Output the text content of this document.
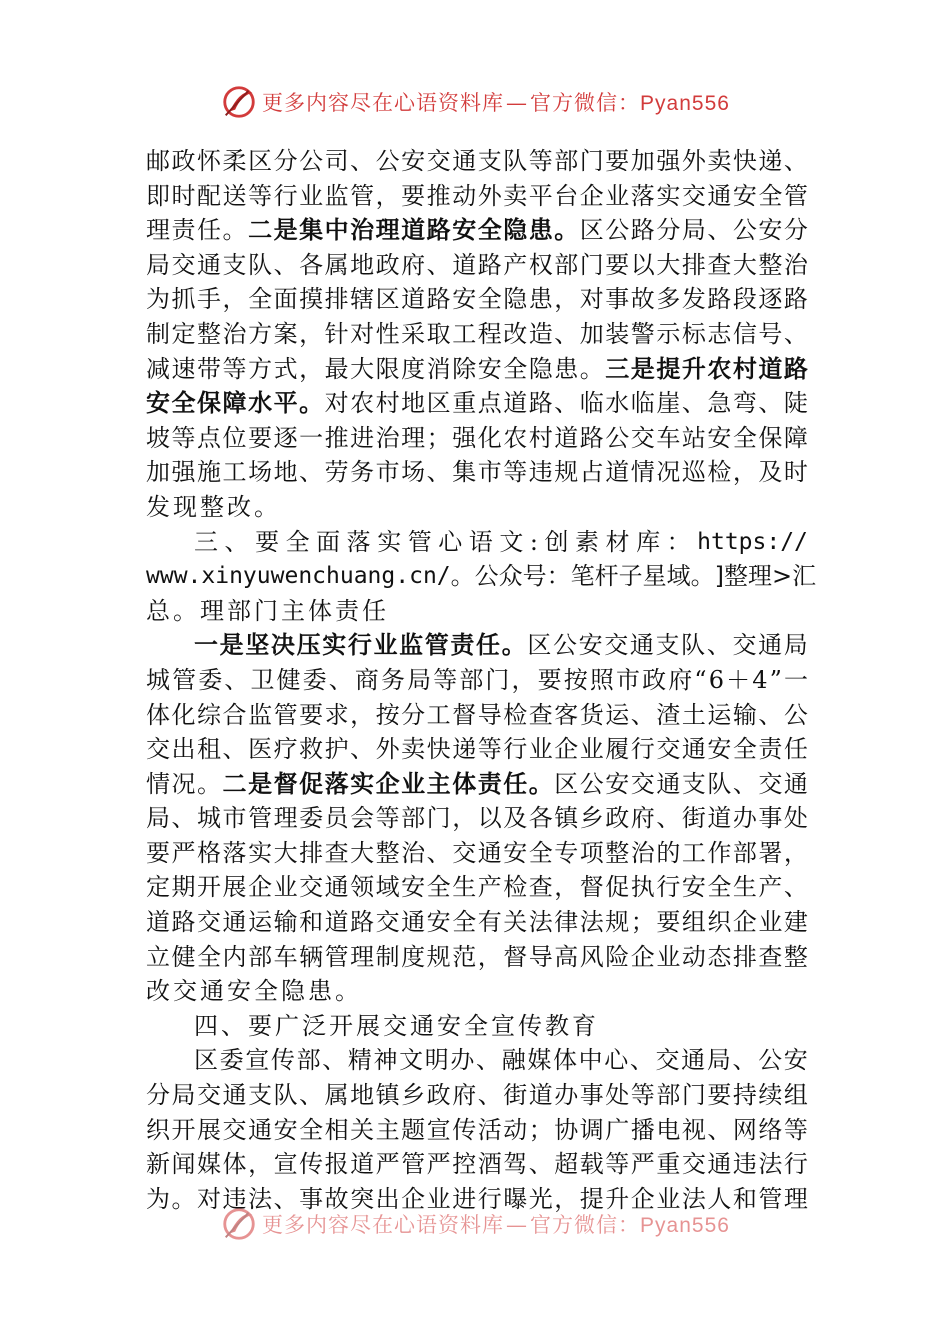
更多内容尽在心语资料库—官方微信：Pyan556
邮 政 怀 柔 区 分 公 司 、 公 安 交 通 支 队 等 部 门 要 加 强 外 卖 快 递 、
即 时 配 送 等 行 业 监 管 ， 要 推 动 外 卖 平 台 企 业 落 实 交 通 安 全 管
理 责 任 。 二 是 集 中 治 理 道 路 安 全 隐 患 。 区 公 路 分 局 、 公 安 分
局 交 通 支 队 、 各 属 地 政 府 、 道 路 产 权 部 门 要 以 大 排 查 大 整 治
为 抓 手 ， 全 面 摸 排 辖 区 道 路 安 全 隐 患 ， 对 事 故 多 发 路 段 逐 路
制 定 整 治 方 案 ， 针 对 性 采 取 工 程 改 造 、 加 装 警 示 标 志 信 号 、
减 速 带 等 方 式 ， 最 大 限 度 消 除 安 全 隐 患 。 三 是 提 升 农 村 道 路
安 全 保 障 水 平 。 对 农 村 地 区 重 点 道 路 、 临 水 临 崖 、 急 弯 、 陡
坡 等 点 位 要 逐 一 推 进 治 理 ； 强 化 农 村 道 路 公 交 车 站 安 全 保 障
加 强 施 工 场 地 、 劳 务 市 场 、 集 市 等 违 规 占 道 情 况 巡 检 ， 及 时
发现整改。
三 、 要 全 面 落 实 管 心 语 文 : 创 素 材 库 ： https://
www.xinyuwenchuang.cn/ 。 公 众 号 ： 笔 杆 子 星 域 。 ] 整 理 > 汇
总。理部门主体责任
一 是 坚 决 压 实 行 业 监 管 责 任 。 区 公 安 交 通 支 队 、 交 通 局
城 管 委 、 卫 健 委 、 商 务 局 等 部 门 ， 要 按 照 市 政 府 “ 6 ＋ 4 ” 一
体 化 综 合 监 管 要 求 ， 按 分 工 督 导 检 查 客 货 运 、 渣 土 运 输 、 公
交 出 租 、 医 疗 救 护 、 外 卖 快 递 等 行 业 企 业 履 行 交 通 安 全 责 任
情 况 。 二 是 督 促 落 实 企 业 主 体 责 任 。 区 公 安 交 通 支 队 、 交 通
局 、 城 市 管 理 委 员 会 等 部 门 ， 以 及 各 镇 乡 政 府 、 街 道 办 事 处
要 严 格 落 实 大 排 查 大 整 治 、 交 通 安 全 专 项 整 治 的 工 作 部 署 ，
定 期 开 展 企 业 交 通 领 域 安 全 生 产 检 查 ， 督 促 执 行 安 全 生 产 、
道 路 交 通 运 输 和 道 路 交 通 安 全 有 关 法 律 法 规 ； 要 组 织 企 业 建
立 健 全 内 部 车 辆 管 理 制 度 规 范 ， 督 导 高 风 险 企 业 动 态 排 查 整
改交通安全隐患。
四、要广泛开展交通安全宣传教育
区 委 宣 传 部 、 精 神 文 明 办 、 融 媒 体 中 心 、 交 通 局 、 公 安
分 局 交 通 支 队 、 属 地 镇 乡 政 府 、 街 道 办 事 处 等 部 门 要 持 续 组
织 开 展 交 通 安 全 相 关 主 题 宣 传 活 动 ； 协 调 广 播 电 视 、 网 络 等
新 闻 媒 体 ， 宣 传 报 道 严 管 严 控 酒 驾 、 超 载 等 严 重 交 通 违 法 行
为 。 对 违 法 、 事 故 突 出 企 业 进 行 曝 光 ， 提 升 企 业 法 人 和 管 理
更多内容尽在心语资料库—官方微信：Pyan556
